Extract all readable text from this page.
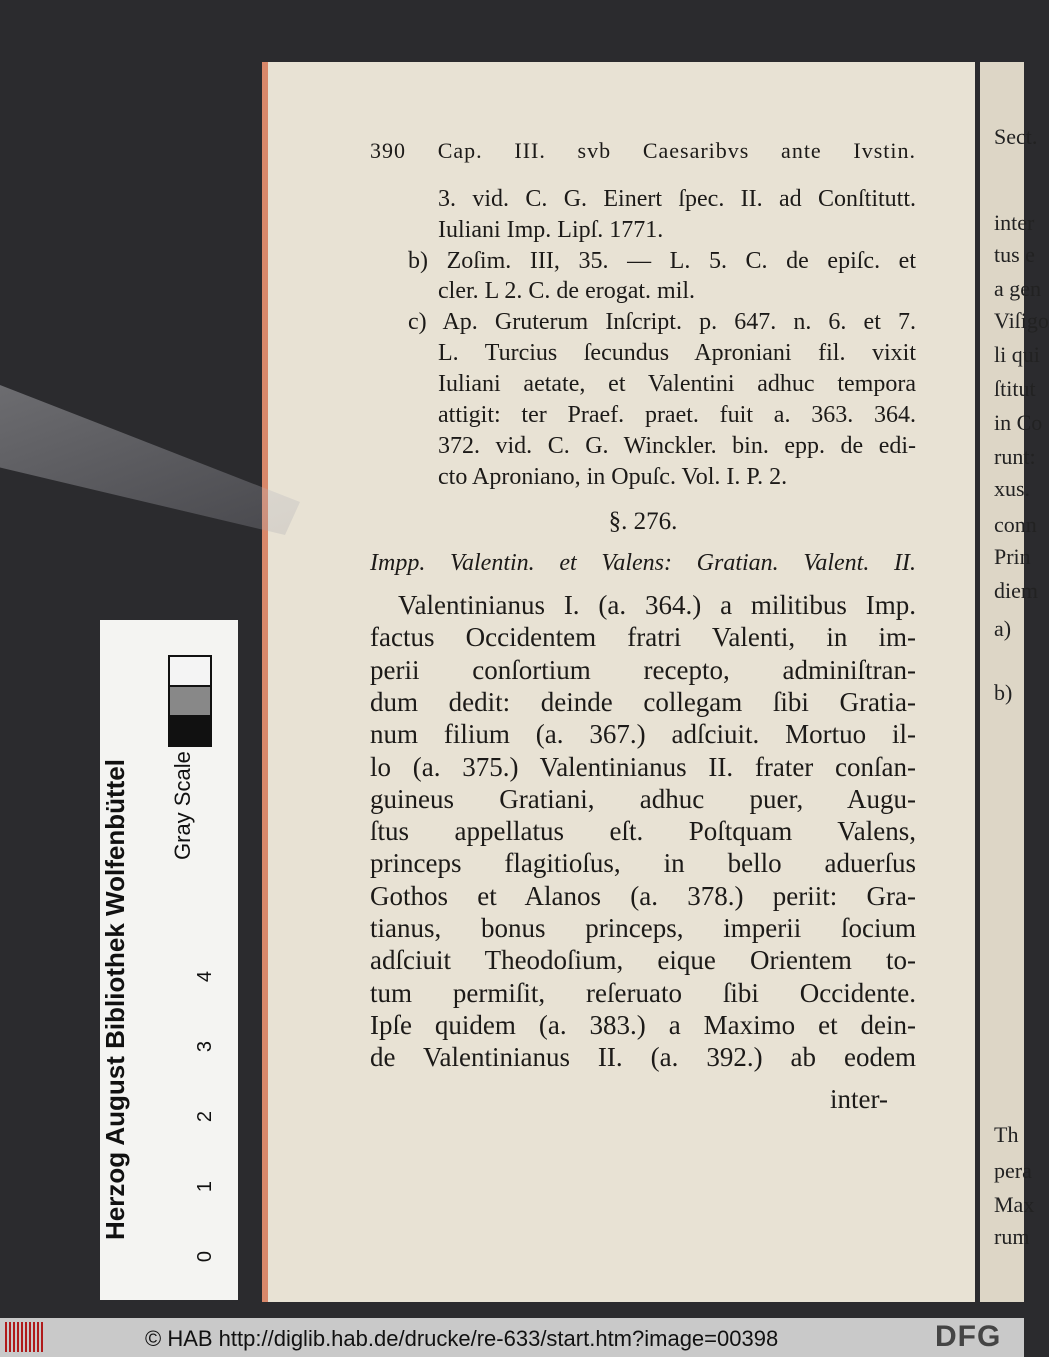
Sect.
inter
tus e
a gen
Viſigo
li qui
ſtitut
in Co
runt:
xus.
conn
Prin
diem
a)
b)
Th
pera
Max
rum
390 Cap. III. svb Caesaribvs ante Ivstin.
3. vid. C. G. Einert ſpec. II. ad Conſtitutt.
Iuliani Imp. Lipſ. 1771.
b) Zoſim. III, 35. — L. 5. C. de epiſc. et
cler. L 2. C. de erogat. mil.
c) Ap. Gruterum Inſcript. p. 647. n. 6. et 7.
L. Turcius ſecundus Aproniani fil. vixit
Iuliani aetate, et Valentini adhuc tempora
attigit: ter Praef. praet. fuit a. 363. 364.
372. vid. C. G. Winckler. bin. epp. de edi-
cto Aproniano, in Opuſc. Vol. I. P. 2.
§. 276.
Impp. Valentin. et Valens: Gratian. Valent. II.
Valentinianus I. (a. 364.) a militibus Imp.
factus Occidentem fratri Valenti, in im-
perii conſortium recepto, adminiſtran-
dum dedit: deinde collegam ſibi Gratia-
num filium (a. 367.) adſciuit. Mortuo il-
lo (a. 375.) Valentinianus II. frater conſan-
guineus Gratiani, adhuc puer, Augu-
ſtus appellatus eſt. Poſtquam Valens,
princeps flagitioſus, in bello aduerſus
Gothos et Alanos (a. 378.) periit: Gra-
tianus, bonus princeps, imperii ſocium
adſciuit Theodoſium, eique Orientem to-
tum permiſit, reſeruato ſibi Occidente.
Ipſe quidem (a. 383.) a Maximo et dein-
de Valentinianus II. (a. 392.) ab eodem
inter-
Herzog August Bibliothek Wolfenbüttel Gray Scale
0
1
2
3
4
© HAB http://diglib.hab.de/drucke/re-633/start.htm?image=00398	DFG
